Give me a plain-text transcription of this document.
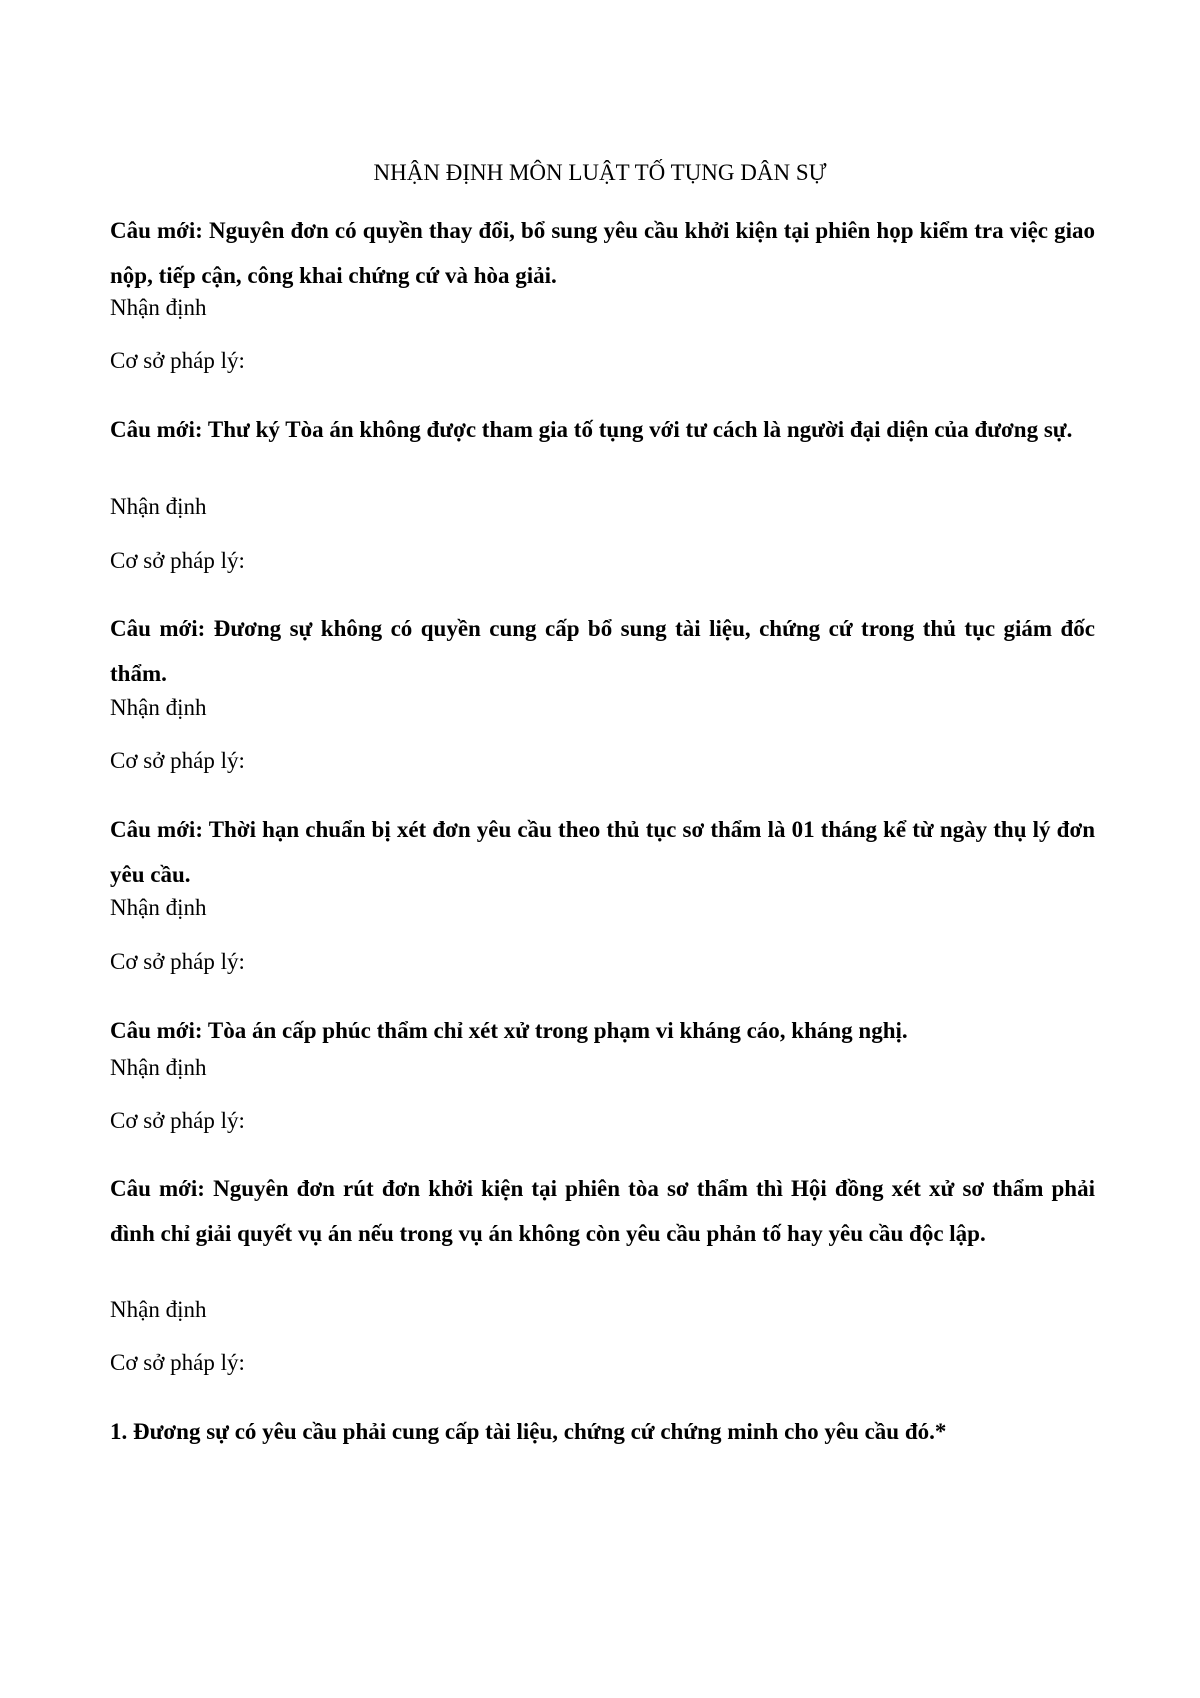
NHẬN ĐỊNH MÔN LUẬT TỐ TỤNG DÂN SỰ

Câu mới: Nguyên đơn có quyền thay đổi, bổ sung yêu cầu khởi kiện tại phiên họp kiểm tra việc giao nộp, tiếp cận, công khai chứng cứ và hòa giải.

Nhận định

Cơ sở pháp lý:

Câu mới: Thư ký Tòa án không được tham gia tố tụng với tư cách là người đại diện của đương sự.

Nhận định

Cơ sở pháp lý:

Câu mới: Đương sự không có quyền cung cấp bổ sung tài liệu, chứng cứ trong thủ tục giám đốc thẩm.

Nhận định

Cơ sở pháp lý:

Câu mới: Thời hạn chuẩn bị xét đơn yêu cầu theo thủ tục sơ thẩm là 01 tháng kể từ ngày thụ lý đơn yêu cầu.

Nhận định

Cơ sở pháp lý:

Câu mới: Tòa án cấp phúc thẩm chỉ xét xử trong phạm vi kháng cáo, kháng nghị.

Nhận định

Cơ sở pháp lý:

Câu mới: Nguyên đơn rút đơn khởi kiện tại phiên tòa sơ thẩm thì Hội đồng xét xử sơ thẩm phải đình chỉ giải quyết vụ án nếu trong vụ án không còn yêu cầu phản tố hay yêu cầu độc lập.

Nhận định

Cơ sở pháp lý:

1. Đương sự có yêu cầu phải cung cấp tài liệu, chứng cứ chứng minh cho yêu cầu đó.*
